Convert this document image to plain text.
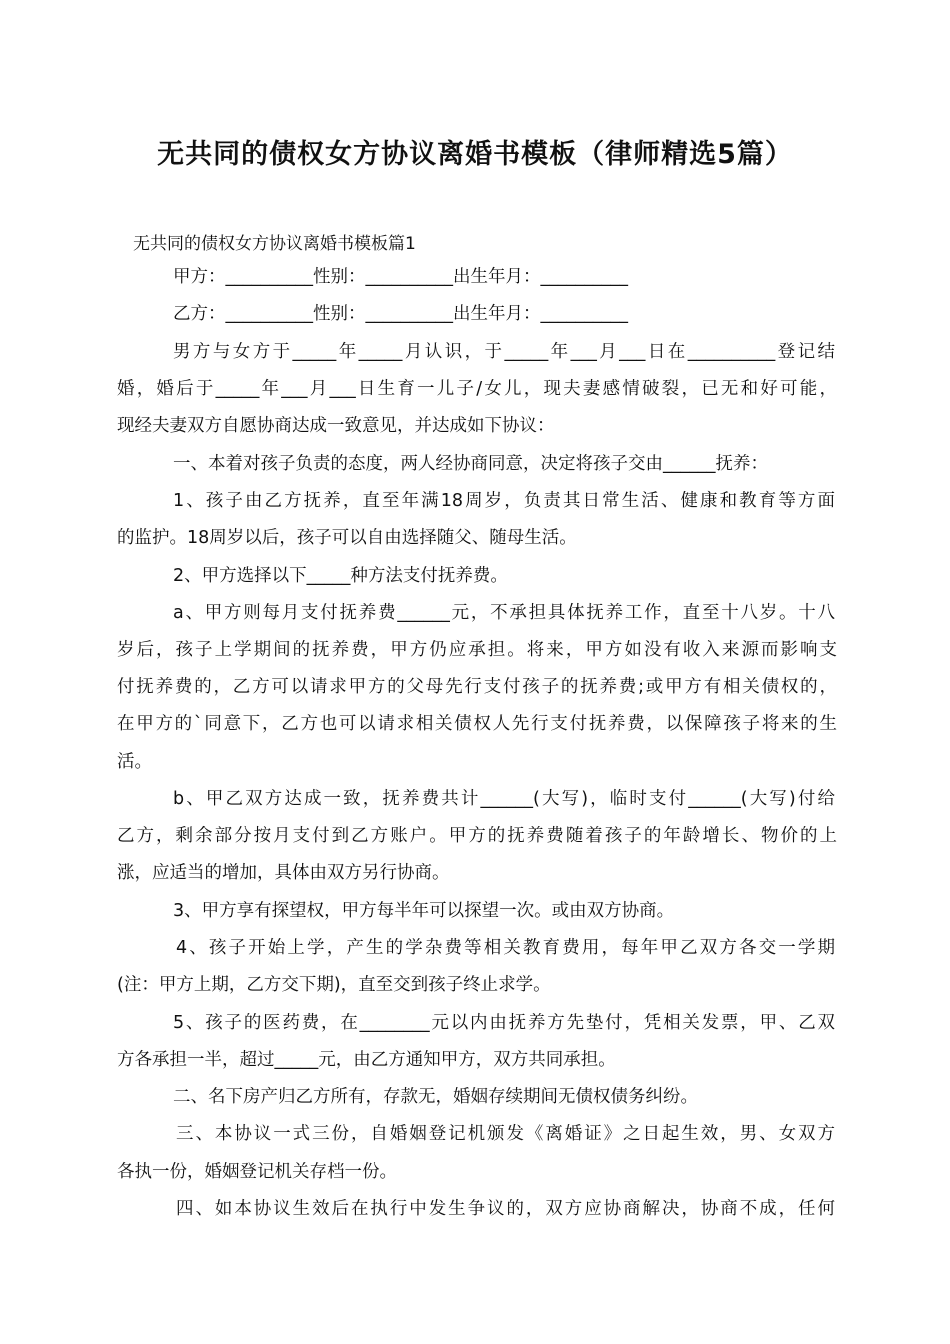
无共同的债权女方协议离婚书模板（律师精选5篇）
无共同的债权女方协议离婚书模板篇1
甲方：__________性别：__________出生年月：__________
乙方：__________性别：__________出生年月：__________
男方与女方于_____年_____月认识，于_____年___月___日在__________登记结
婚，婚后于_____年___月___日生育一儿子/女儿，现夫妻感情破裂，已无和好可能，
现经夫妻双方自愿协商达成一致意见，并达成如下协议：
一、本着对孩子负责的态度，两人经协商同意，决定将孩子交由______抚养：
1、孩子由乙方抚养，直至年满18周岁，负责其日常生活、健康和教育等方面
的监护。18周岁以后，孩子可以自由选择随父、随母生活。
2、甲方选择以下_____种方法支付抚养费。
a、甲方则每月支付抚养费______元，不承担具体抚养工作，直至十八岁。十八
岁后，孩子上学期间的抚养费，甲方仍应承担。将来，甲方如没有收入来源而影响支
付抚养费的，乙方可以请求甲方的父母先行支付孩子的抚养费;或甲方有相关债权的，
在甲方的`同意下，乙方也可以请求相关债权人先行支付抚养费，以保障孩子将来的生
活。
b、甲乙双方达成一致，抚养费共计______(大写)，临时支付______(大写)付给
乙方，剩余部分按月支付到乙方账户。甲方的抚养费随着孩子的年龄增长、物价的上
涨，应适当的增加，具体由双方另行协商。
3、甲方享有探望权，甲方每半年可以探望一次。或由双方协商。
4、孩子开始上学，产生的学杂费等相关教育费用，每年甲乙双方各交一学期
(注：甲方上期，乙方交下期)，直至交到孩子终止求学。
5、孩子的医药费，在________元以内由抚养方先垫付，凭相关发票，甲、乙双
方各承担一半，超过_____元，由乙方通知甲方，双方共同承担。
二、名下房产归乙方所有，存款无，婚姻存续期间无债权债务纠纷。
三、本协议一式三份，自婚姻登记机颁发《离婚证》之日起生效，男、女双方
各执一份，婚姻登记机关存档一份。
四、如本协议生效后在执行中发生争议的，双方应协商解决，协商不成，任何
